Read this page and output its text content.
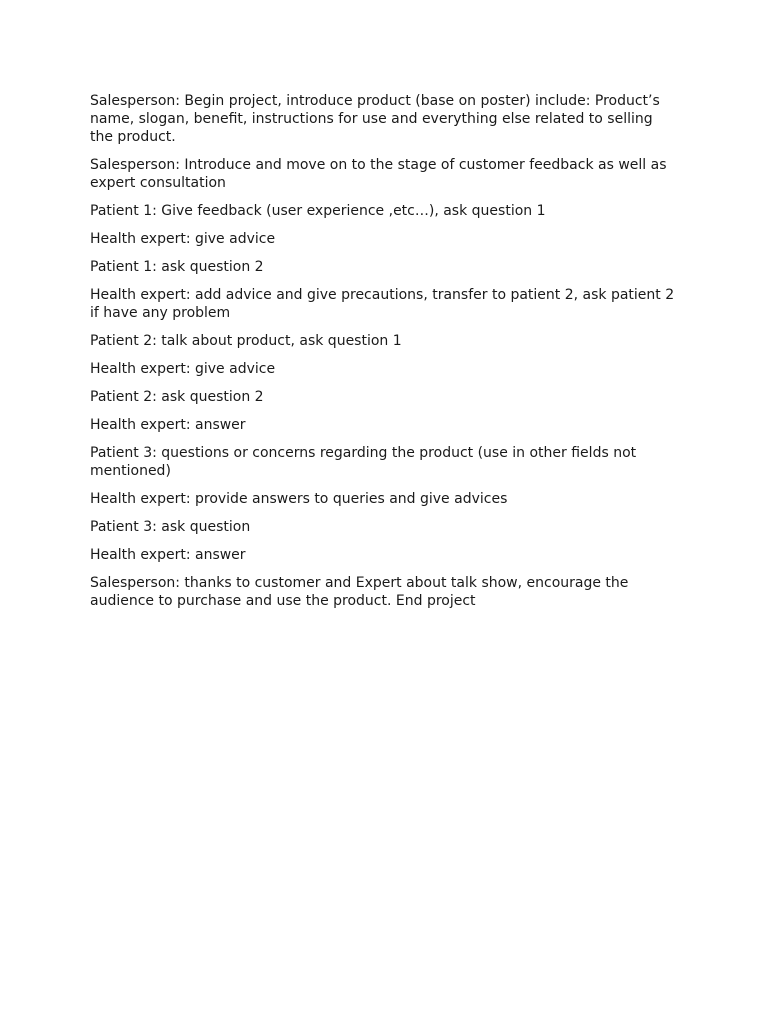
Salesperson: Begin project, introduce product (base on poster) include: Product’s name, slogan, benefit, instructions for use and everything else related to selling the product.

Salesperson: Introduce and move on to the stage of customer feedback as well as expert consultation

Patient 1: Give feedback (user experience ,etc…), ask question 1

Health expert: give advice

Patient 1: ask question 2

Health expert: add advice and give precautions, transfer to patient 2, ask patient 2 if have any problem

Patient 2: talk about product, ask question 1

Health expert: give advice

Patient 2: ask question 2

Health expert: answer

Patient 3: questions or concerns regarding the product (use in other fields not mentioned)

Health expert: provide answers to queries and give advices

Patient 3: ask question

Health expert: answer

Salesperson: thanks to customer and Expert about talk show, encourage the audience to purchase and use the product. End project
